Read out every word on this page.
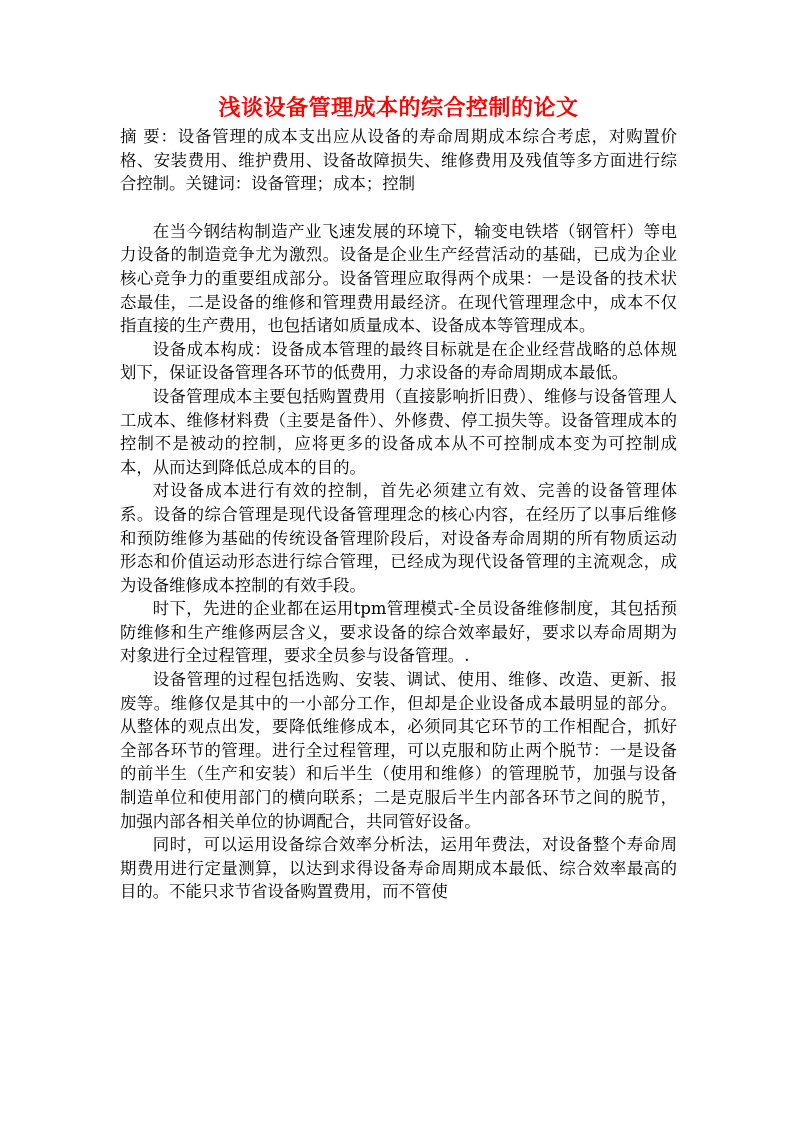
浅谈设备管理成本的综合控制的论文

摘 要：设备管理的成本支出应从设备的寿命周期成本综合考虑，对购置价格、安装费用、维护费用、设备故障损失、维修费用及残值等多方面进行综合控制。关键词：设备管理；成本；控制

在当今钢结构制造产业飞速发展的环境下，输变电铁塔（钢管杆）等电力设备的制造竞争尤为激烈。设备是企业生产经营活动的基础，已成为企业核心竞争力的重要组成部分。设备管理应取得两个成果：一是设备的技术状态最佳，二是设备的维修和管理费用最经济。在现代管理理念中，成本不仅指直接的生产费用，也包括诸如质量成本、设备成本等管理成本。

设备成本构成：设备成本管理的最终目标就是在企业经营战略的总体规划下，保证设备管理各环节的低费用，力求设备的寿命周期成本最低。

设备管理成本主要包括购置费用（直接影响折旧费）、维修与设备管理人工成本、维修材料费（主要是备件）、外修费、停工损失等。设备管理成本的控制不是被动的控制，应将更多的设备成本从不可控制成本变为可控制成本，从而达到降低总成本的目的。

对设备成本进行有效的控制，首先必须建立有效、完善的设备管理体系。设备的综合管理是现代设备管理理念的核心内容，在经历了以事后维修和预防维修为基础的传统设备管理阶段后，对设备寿命周期的所有物质运动形态和价值运动形态进行综合管理，已经成为现代设备管理的主流观念，成为设备维修成本控制的有效手段。

时下，先进的企业都在运用tpm管理模式-全员设备维修制度，其包括预防维修和生产维修两层含义，要求设备的综合效率最好，要求以寿命周期为对象进行全过程管理，要求全员参与设备管理。.

设备管理的过程包括选购、安装、调试、使用、维修、改造、更新、报废等。维修仅是其中的一小部分工作，但却是企业设备成本最明显的部分。从整体的观点出发，要降低维修成本，必须同其它环节的工作相配合，抓好全部各环节的管理。进行全过程管理，可以克服和防止两个脱节：一是设备的前半生（生产和安装）和后半生（使用和维修）的管理脱节，加强与设备制造单位和使用部门的横向联系；二是克服后半生内部各环节之间的脱节，加强内部各相关单位的协调配合，共同管好设备。

同时，可以运用设备综合效率分析法，运用年费法，对设备整个寿命周期费用进行定量测算，以达到求得设备寿命周期成本最低、综合效率最高的目的。不能只求节省设备购置费用，而不管使
